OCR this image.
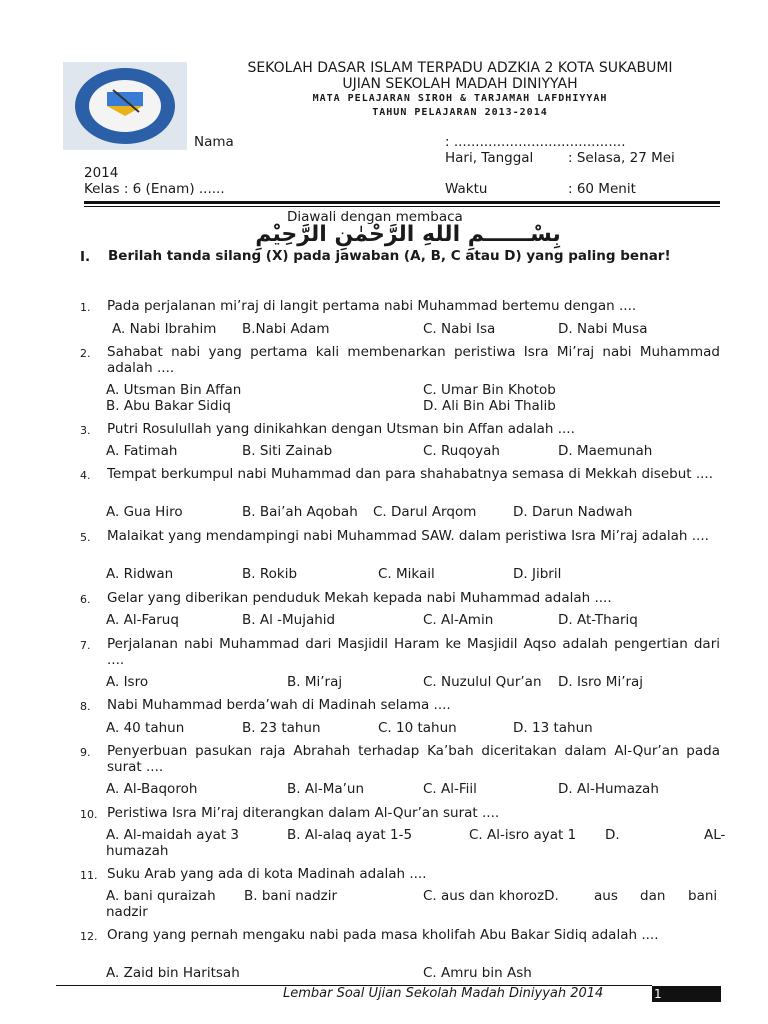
SEKOLAH DASAR ISLAM TERPADU ADZKIA 2 KOTA SUKABUMI
UJIAN SEKOLAH MADAH DINIYYAH
MATA PELAJARAN SIROH & TARJAMAH LAFDHIYYAH
TAHUN PELAJARAN 2013-2014
Nama	: ........................................
Hari, Tanggal	: Selasa, 27 Mei
2014
Kelas : 6 (Enam) ......	Waktu	: 60 Menit
Diawali dengan membaca
بِسْــــــمِ اللهِ الرَّحْمٰنِ الرَّحِيْمِ
I.	Berilah tanda silang (X) pada jawaban (A, B, C atau D) yang paling benar!
1. Pada perjalanan mi’raj di langit pertama nabi Muhammad bertemu dengan ....
A. Nabi Ibrahim B.Nabi Adam	C. Nabi Isa	D. Nabi Musa
2. Sahabat nabi yang pertama kali membenarkan peristiwa Isra Mi’raj nabi Muhammad adalah ....
A. Utsman Bin Affan	C. Umar Bin Khotob
B. Abu Bakar Sidiq	D. Ali Bin Abi Thalib
3. Putri Rosulullah yang dinikahkan dengan Utsman bin Affan adalah ....
A. Fatimah	B. Siti Zainab	C. Ruqoyah	D. Maemunah
4. Tempat berkumpul nabi Muhammad dan para shahabatnya semasa di Mekkah disebut ....
A. Gua Hiro	B. Bai’ah Aqobah C. Darul Arqom	D. Darun Nadwah
5. Malaikat yang mendampingi nabi Muhammad SAW. dalam peristiwa Isra Mi’raj adalah ....
A. Ridwan	B. Rokib	C. Mikail	D. Jibril
6. Gelar yang diberikan penduduk Mekah kepada nabi Muhammad adalah ....
A. Al-Faruq	B. Al -Mujahid	C. Al-Amin	D. At-Thariq
7. Perjalanan nabi Muhammad dari Masjidil Haram ke Masjidil Aqso adalah pengertian dari ....
A. Isro	B. Mi’raj	C. Nuzulul Qur’an D. Isro Mi’raj
8. Nabi Muhammad berda’wah di Madinah selama ....
A. 40 tahun	B. 23 tahun	C. 10 tahun	D. 13 tahun
9. Penyerbuan pasukan raja Abrahah terhadap Ka’bah diceritakan dalam Al-Qur’an pada surat ....
A. Al-Baqoroh	B. Al-Ma’un	C. Al-Fiil	D. Al-Humazah
10. Peristiwa Isra Mi’raj diterangkan dalam Al-Qur’an surat ....
A. Al-maidah ayat 3	B. Al-alaq ayat 1-5	C. Al-isro ayat 1 D.	AL-
humazah
11. Suku Arab yang ada di kota Madinah adalah ....
A. bani quraizah B. bani nadzir	C. aus dan khorozD.	aus dan bani
nadzir
12. Orang yang pernah mengaku nabi pada masa kholifah Abu Bakar Sidiq adalah ....
A. Zaid bin Haritsah	C. Amru bin Ash
Lembar Soal Ujian Sekolah Madah Diniyyah 2014	1
